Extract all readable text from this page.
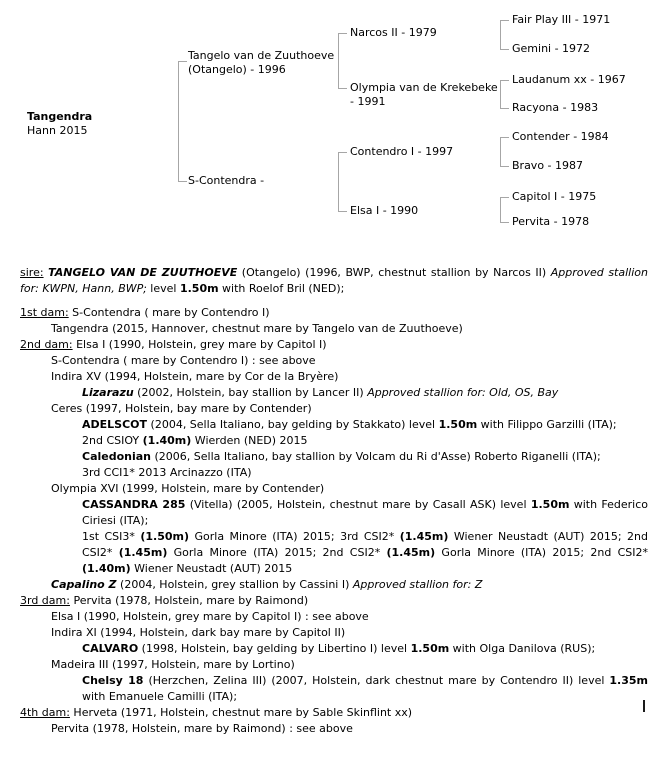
Tangendra
Hann 2015
Tangelo van de Zuuthoeve
(Otangelo) - 1996
S-Contendra -
Narcos II - 1979
Olympia van de Krekebeke
- 1991
Contendro I - 1997
Elsa I - 1990
Fair Play III - 1971
Gemini - 1972
Laudanum xx - 1967
Racyona - 1983
Contender - 1984
Bravo - 1987
Capitol I - 1975
Pervita - 1978

sire: TANGELO VAN DE ZUUTHOEVE (Otangelo) (1996, BWP, chestnut stallion by Narcos II) Approved stallion for: KWPN, Hann, BWP; level 1.50m with Roelof Bril (NED);

1st dam: S-Contendra ( mare by Contendro I)

Tangendra (2015, Hannover, chestnut mare by Tangelo van de Zuuthoeve)

2nd dam: Elsa I (1990, Holstein, grey mare by Capitol I)

S-Contendra ( mare by Contendro I) : see above

Indira XV (1994, Holstein, mare by Cor de la Bryère)

Lizarazu (2002, Holstein, bay stallion by Lancer II) Approved stallion for: Old, OS, Bay

Ceres (1997, Holstein, bay mare by Contender)

ADELSCOT (2004, Sella Italiano, bay gelding by Stakkato) level 1.50m with Filippo Garzilli (ITA);

2nd CSIOY (1.40m) Wierden (NED) 2015

Caledonian (2006, Sella Italiano, bay stallion by Volcam du Ri d'Asse) Roberto Riganelli (ITA);

3rd CCI1* 2013 Arcinazzo (ITA)

Olympia XVI (1999, Holstein, mare by Contender)

CASSANDRA 285 (Vitella) (2005, Holstein, chestnut mare by Casall ASK) level 1.50m with Federico Ciriesi (ITA);

1st CSI3* (1.50m) Gorla Minore (ITA) 2015; 3rd CSI2* (1.45m) Wiener Neustadt (AUT) 2015; 2nd CSI2* (1.45m) Gorla Minore (ITA) 2015; 2nd CSI2* (1.45m) Gorla Minore (ITA) 2015; 2nd CSI2* (1.40m) Wiener Neustadt (AUT) 2015

Capalino Z (2004, Holstein, grey stallion by Cassini I) Approved stallion for: Z

3rd dam: Pervita (1978, Holstein, mare by Raimond)

Elsa I (1990, Holstein, grey mare by Capitol I) : see above

Indira XI (1994, Holstein, dark bay mare by Capitol II)

CALVARO (1998, Holstein, bay gelding by Libertino I) level 1.50m with Olga Danilova (RUS);

Madeira III (1997, Holstein, mare by Lortino)

Chelsy 18 (Herzchen, Zelina III) (2007, Holstein, dark chestnut mare by Contendro II) level 1.35m with Emanuele Camilli (ITA);

4th dam: Herveta (1971, Holstein, chestnut mare by Sable Skinflint xx)

Pervita (1978, Holstein, mare by Raimond) : see above
